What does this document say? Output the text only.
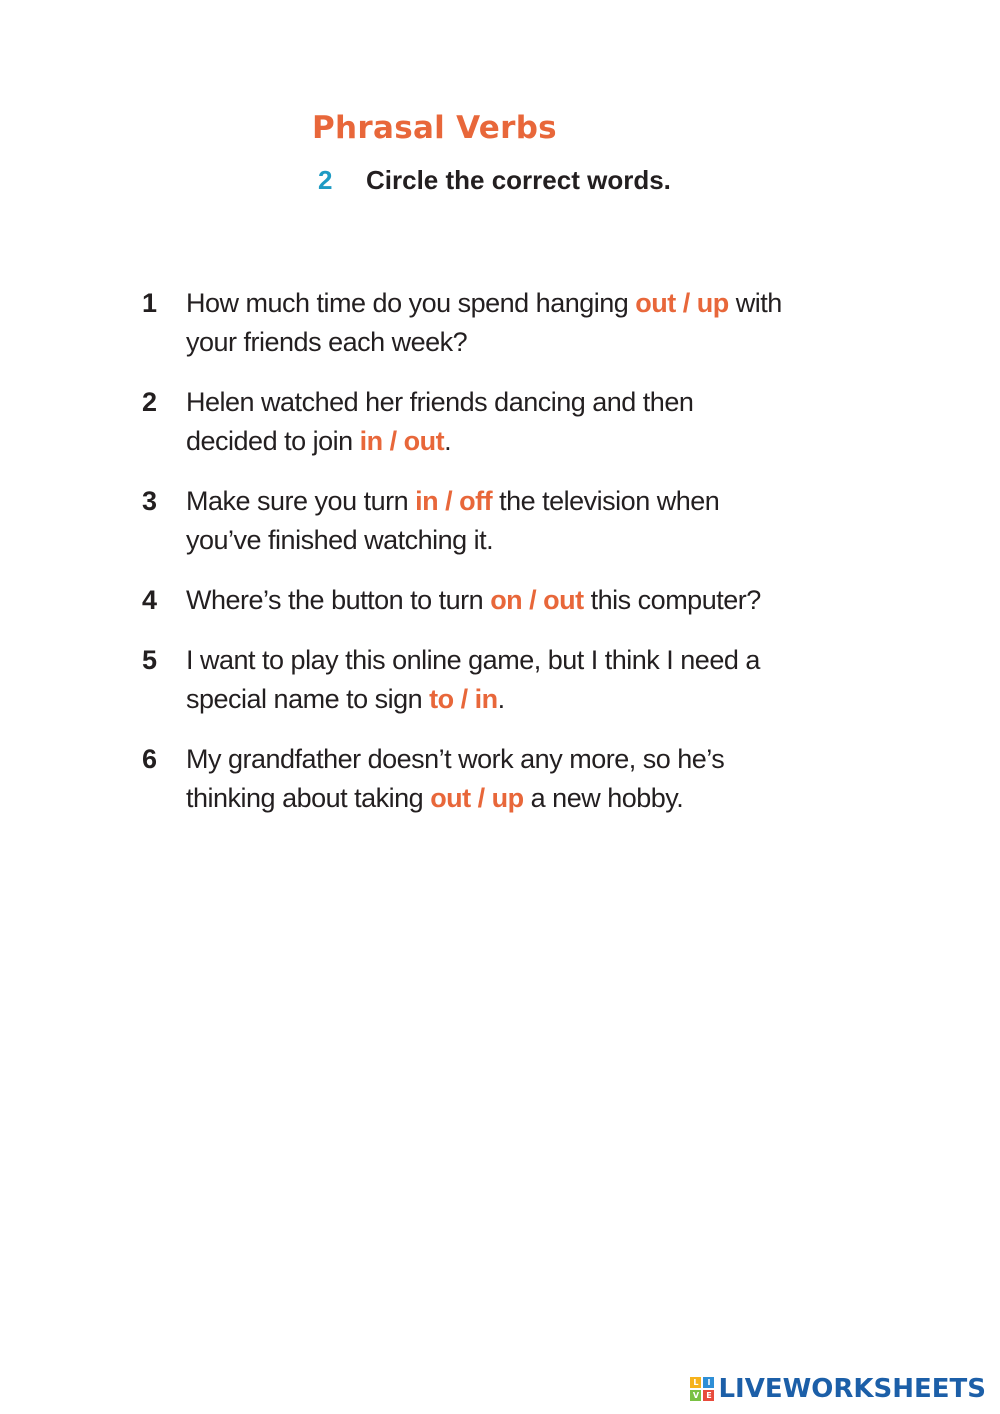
Phrasal Verbs
2 Circle the correct words.
1	How much time do you spend hanging out / up with
your friends each week?
2	Helen watched her friends dancing and then
decided to join in / out.
3	Make sure you turn in / off the television when
you’ve finished watching it.
4	Where’s the button to turn on / out this computer?
5	I want to play this online game, but I think I need a
special name to sign to / in.
6	My grandfather doesn’t work any more, so he’s
thinking about taking out / up a new hobby.
L	I
V E LIVEWORKSHEETS
